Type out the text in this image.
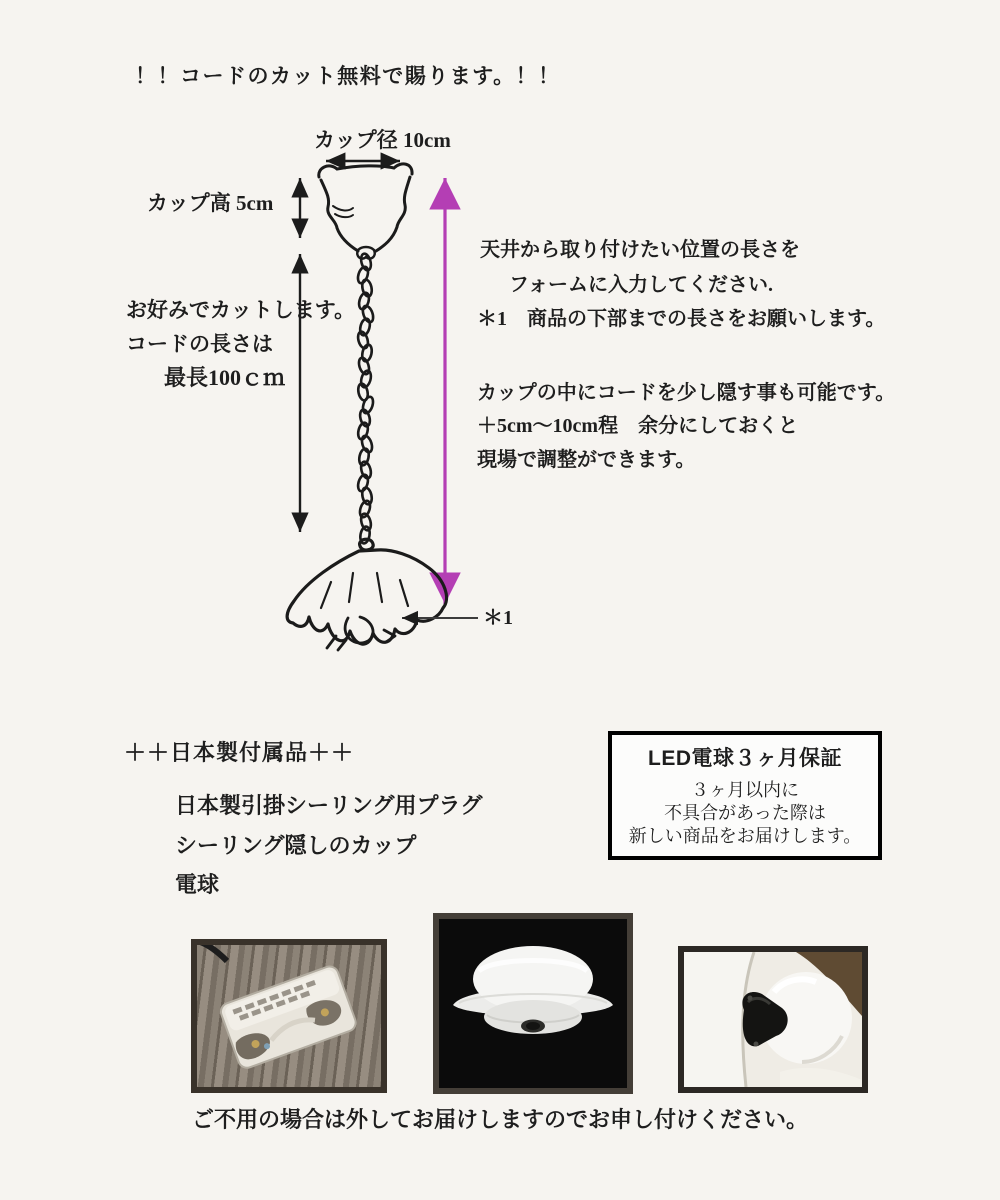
！！コードのカット無料で賜ります。！！
カップ径 10cm
カップ高 5cm
お好みでカットします。
コードの長さは
最長100ｃｍ
天井から取り付けたい位置の長さを
フォームに入力してください.
＊1　商品の下部までの長さをお願いします。
カップの中にコードを少し隠す事も可能です。
＋5cm～10cm程　余分にしておくと
現場で調整ができます。
＊1
＋＋日本製付属品＋＋
日本製引掛シーリング用プラグ
シーリング隠しのカップ
電球
LED電球３ヶ月保証
３ヶ月以内に
不具合があった際は
新しい商品をお届けします。
ご不用の場合は外してお届けしますのでお申し付けください。
